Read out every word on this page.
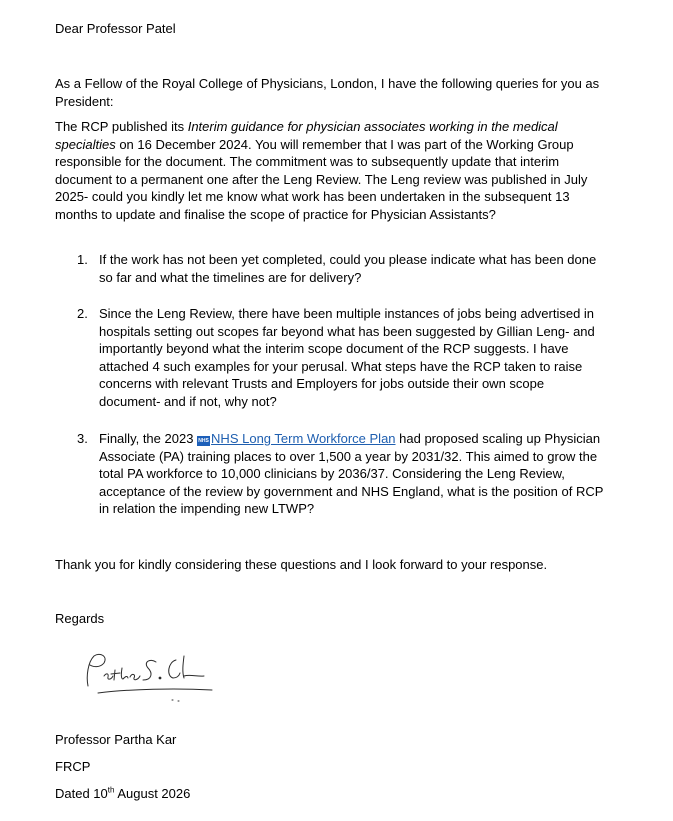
Dear Professor Patel

As a Fellow of the Royal College of Physicians, London, I have the following queries for you as President:

The RCP published its Interim guidance for physician associates working in the medical specialties on 16 December 2024. You will remember that I was part of the Working Group responsible for the document. The commitment was to subsequently update that interim document to a permanent one after the Leng Review. The Leng review was published in July 2025- could you kindly let me know what work has been undertaken in the subsequent 13 months to update and finalise the scope of practice for Physician Assistants?

1. If the work has not been yet completed, could you please indicate what has been done so far and what the timelines are for delivery?
2. Since the Leng Review, there have been multiple instances of jobs being advertised in hospitals setting out scopes far beyond what has been suggested by Gillian Leng- and importantly beyond what the interim scope document of the RCP suggests. I have attached 4 such examples for your perusal. What steps have the RCP taken to raise concerns with relevant Trusts and Employers for jobs outside their own scope document- and if not, why not?
3. Finally, the 2023 NHS NHS Long Term Workforce Plan had proposed scaling up Physician Associate (PA) training places to over 1,500 a year by 2031/32. This aimed to grow the total PA workforce to 10,000 clinicians by 2036/37. Considering the Leng Review, acceptance of the review by government and NHS England, what is the position of RCP in relation the impending new LTWP?

Thank you for kindly considering these questions and I look forward to your response.

Regards

Professor Partha Kar

FRCP

Dated 10th August 2026
